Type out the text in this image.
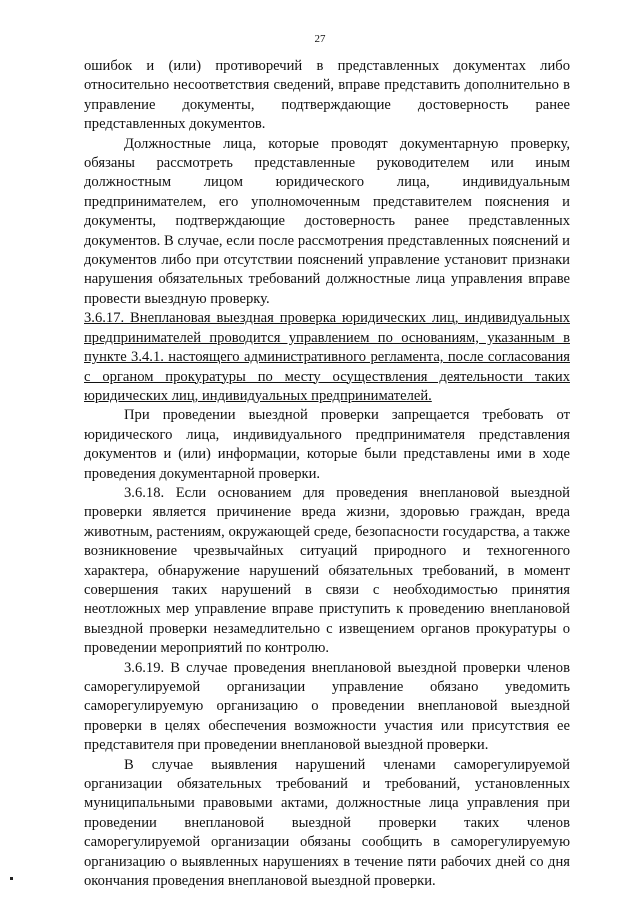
27

ошибок и (или) противоречий в представленных документах либо относительно несоответствия сведений, вправе представить дополнительно в управление документы, подтверждающие достоверность ранее представленных документов.

Должностные лица, которые проводят документарную проверку, обязаны рассмотреть представленные руководителем или иным должностным лицом юридического лица, индивидуальным предпринимателем, его уполномоченным представителем пояснения и документы, подтверждающие достоверность ранее представленных документов. В случае, если после рассмотрения представленных пояснений и документов либо при отсутствии пояснений управление установит признаки нарушения обязательных требований должностные лица управления вправе провести выездную проверку.

3.6.17. Внеплановая выездная проверка юридических лиц, индивидуальных предпринимателей проводится управлением по основаниям, указанным в пункте 3.4.1. настоящего административного регламента, после согласования с органом прокуратуры по месту осуществления деятельности таких юридических лиц, индивидуальных предпринимателей.

При проведении выездной проверки запрещается требовать от юридического лица, индивидуального предпринимателя представления документов и (или) информации, которые были представлены ими в ходе проведения документарной проверки.

3.6.18. Если основанием для проведения внеплановой выездной проверки является причинение вреда жизни, здоровью граждан, вреда животным, растениям, окружающей среде, безопасности государства, а также возникновение чрезвычайных ситуаций природного и техногенного характера, обнаружение нарушений обязательных требований, в момент совершения таких нарушений в связи с необходимостью принятия неотложных мер управление вправе приступить к проведению внеплановой выездной проверки незамедлительно с извещением органов прокуратуры о проведении мероприятий по контролю.

3.6.19. В случае проведения внеплановой выездной проверки членов саморегулируемой организации управление обязано уведомить саморегулируемую организацию о проведении внеплановой выездной проверки в целях обеспечения возможности участия или присутствия ее представителя при проведении внеплановой выездной проверки.

В случае выявления нарушений членами саморегулируемой организации обязательных требований и требований, установленных муниципальными правовыми актами, должностные лица управления при проведении внеплановой выездной проверки таких членов саморегулируемой организации обязаны сообщить в саморегулируемую организацию о выявленных нарушениях в течение пяти рабочих дней со дня окончания проведения внеплановой выездной проверки.
